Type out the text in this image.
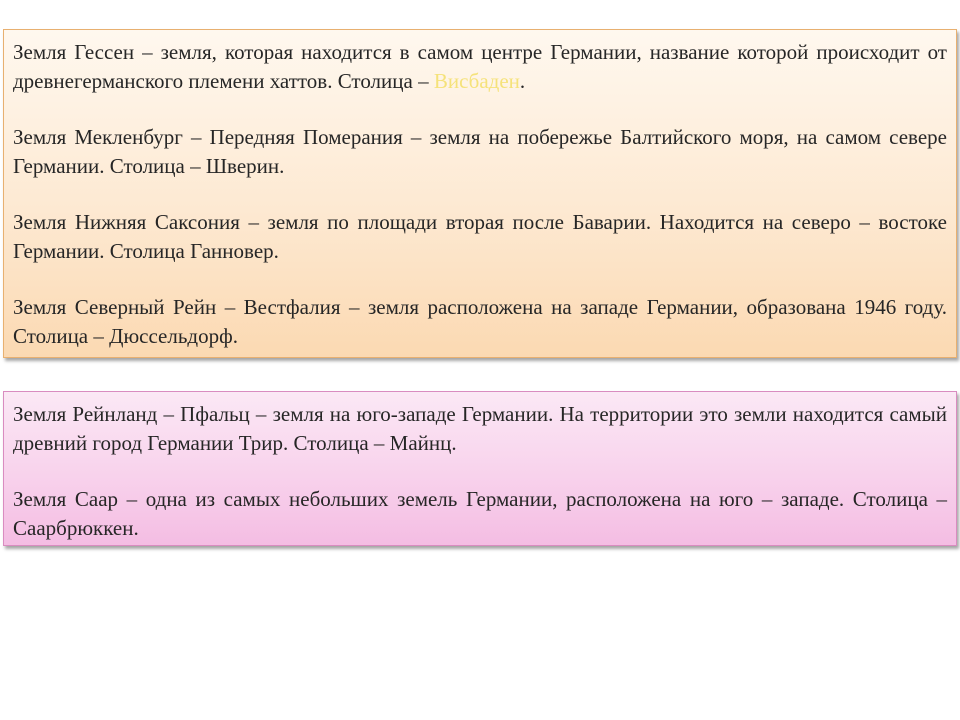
Земля Гессен – земля, которая находится в самом центре Германии, название которой происходит от древнегерманского племени хаттов. Столица – Висбаден.

Земля Мекленбург – Передняя Померания – земля на побережье Балтийского моря, на самом севере Германии. Столица – Шверин.

Земля Нижняя Саксония – земля по площади вторая после Баварии. Находится на северо – востоке Германии. Столица Ганновер.

Земля Северный Рейн – Вестфалия – земля расположена на западе Германии, образована 1946 году. Столица – Дюссельдорф.

Земля Рейнланд – Пфальц – земля на юго-западе Германии. На территории это земли находится самый древний город Германии Трир. Столица – Майнц.

Земля Саар – одна из самых небольших земель Германии, расположена на юго – западе. Столица – Саарбрюккен.
